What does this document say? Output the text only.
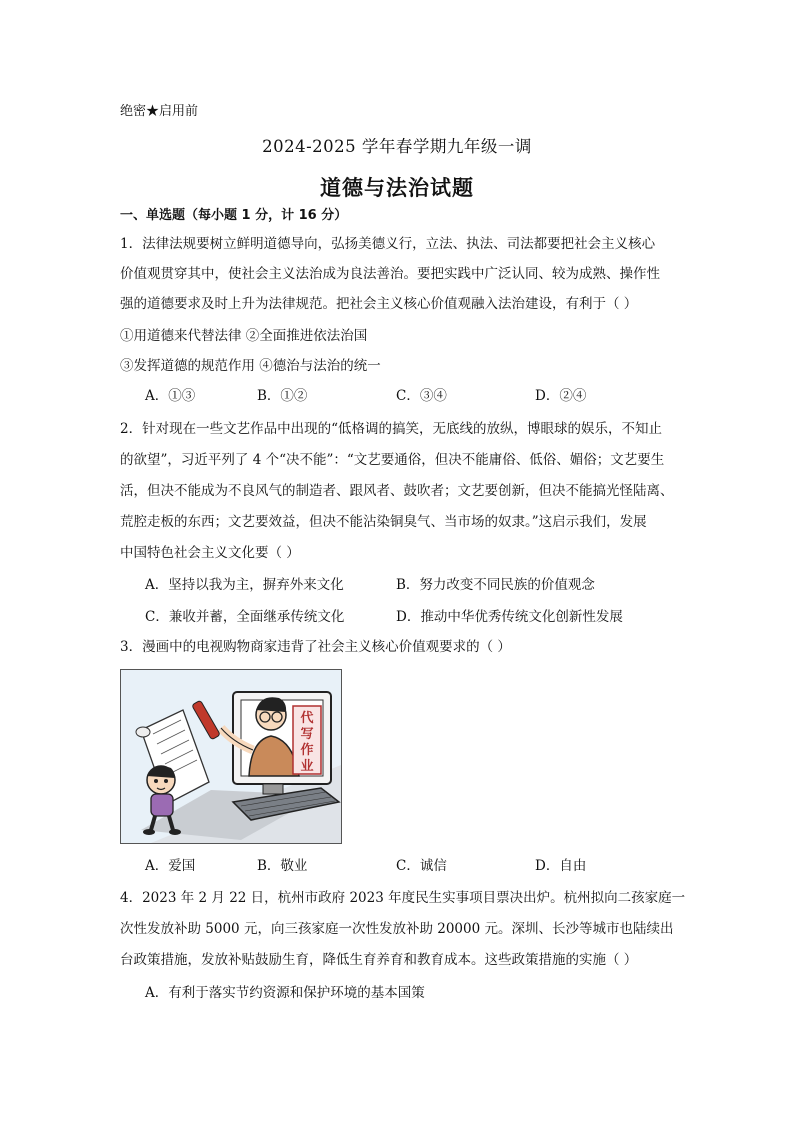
绝密★启用前
2024-2025 学年春学期九年级一调
道德与法治试题
一、单选题（每小题 1 分，计 16 分）
1．法律法规要树立鲜明道德导向，弘扬美德义行，立法、执法、司法都要把社会主义核心
价值观贯穿其中，使社会主义法治成为良法善治。要把实践中广泛认同、较为成熟、操作性
强的道德要求及时上升为法律规范。把社会主义核心价值观融入法治建设，有利于（ ）
①用道德来代替法律 ②全面推进依法治国
③发挥道德的规范作用 ④德治与法治的统一
A．①③	B．①②	C．③④	D．②④
2．针对现在一些文艺作品中出现的“低格调的搞笑，无底线的放纵，博眼球的娱乐，不知止
的欲望”，习近平列了 4 个“决不能”：“文艺要通俗，但决不能庸俗、低俗、媚俗；文艺要生
活，但决不能成为不良风气的制造者、跟风者、鼓吹者；文艺要创新，但决不能搞光怪陆离、
荒腔走板的东西；文艺要效益，但决不能沾染铜臭气、当市场的奴隶。”这启示我们，发展
中国特色社会主义文化要（ ）
A．坚持以我为主，摒弃外来文化	B．努力改变不同民族的价值观念
C．兼收并蓄，全面继承传统文化	D．推动中华优秀传统文化创新性发展
3．漫画中的电视购物商家违背了社会主义核心价值观要求的（ ）
代
写
作
业
A．爱国	B．敬业	C．诚信	D．自由
4．2023 年 2 月 22 日，杭州市政府 2023 年度民生实事项目票决出炉。杭州拟向二孩家庭一
次性发放补助 5000 元，向三孩家庭一次性发放补助 20000 元。深圳、长沙等城市也陆续出
台政策措施，发放补贴鼓励生育，降低生育养育和教育成本。这些政策措施的实施（ ）
A．有利于落实节约资源和保护环境的基本国策
